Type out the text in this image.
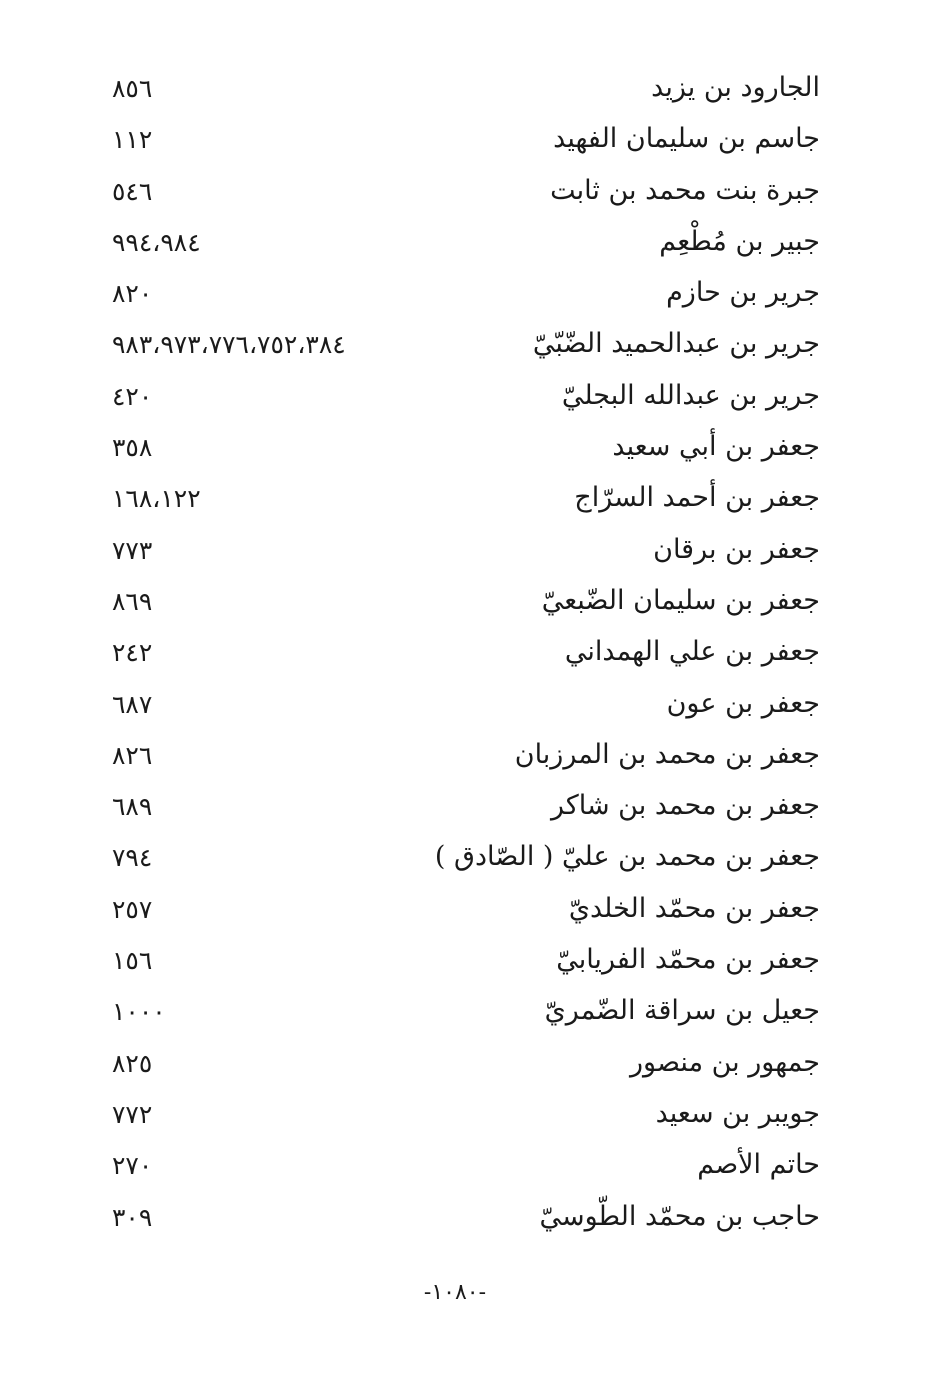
الجارود بن يزيد
٨٥٦
جاسم بن سليمان الفهيد
١١٢
جبرة بنت محمد بن ثابت
٥٤٦
جبير بن مُطْعِم
٩٩٤،٩٨٤
جرير بن حازم
٨٢٠
جرير بن عبدالحميد الضّبّيّ
٩٨٣،٩٧٣،٧٧٦،٧٥٢،٣٨٤
جرير بن عبدالله البجليّ
٤٢٠
جعفر بن أبي سعيد
٣٥٨
جعفر بن أحمد السرّاج
١٦٨،١٢٢
جعفر بن برقان
٧٧٣
جعفر بن سليمان الضّبعيّ
٨٦٩
جعفر بن علي الهمداني
٢٤٢
جعفر بن عون
٦٨٧
جعفر بن محمد بن المرزبان
٨٢٦
جعفر بن محمد بن شاكر
٦٨٩
جعفر بن محمد بن عليّ ( الصّادق )
٧٩٤
جعفر بن محمّد الخلديّ
٢٥٧
جعفر بن محمّد الفريابيّ
١٥٦
جعيل بن سراقة الضّمريّ
١٠٠٠
جمهور بن منصور
٨٢٥
جويبر بن سعيد
٧٧٢
حاتم الأصم
٢٧٠
حاجب بن محمّد الطّوسيّ
٣٠٩
-١٠٨٠-
